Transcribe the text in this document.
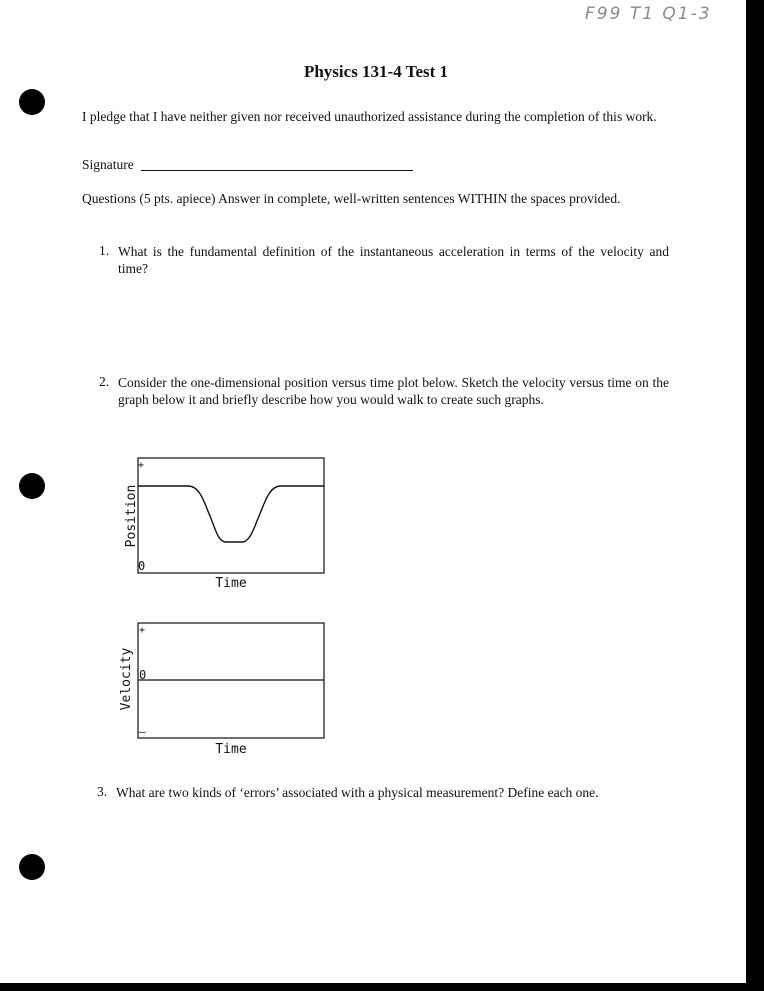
F99 T1 Q1-3
Physics 131-4 Test 1
I pledge that I have neither given nor received unauthorized assistance during the completion of this work.
Signature
Questions (5 pts. apiece) Answer in complete, well-written sentences WITHIN the spaces provided.
1. What is the fundamental definition of the instantaneous acceleration in terms of the velocity and time?
2. Consider the one-dimensional position versus time plot below. Sketch the velocity versus time on the graph below it and briefly describe how you would walk to create such graphs.
+
0
Position
Time
+
0
–
Velocity
Time
3. What are two kinds of ‘errors’ associated with a physical measurement? Define each one.
